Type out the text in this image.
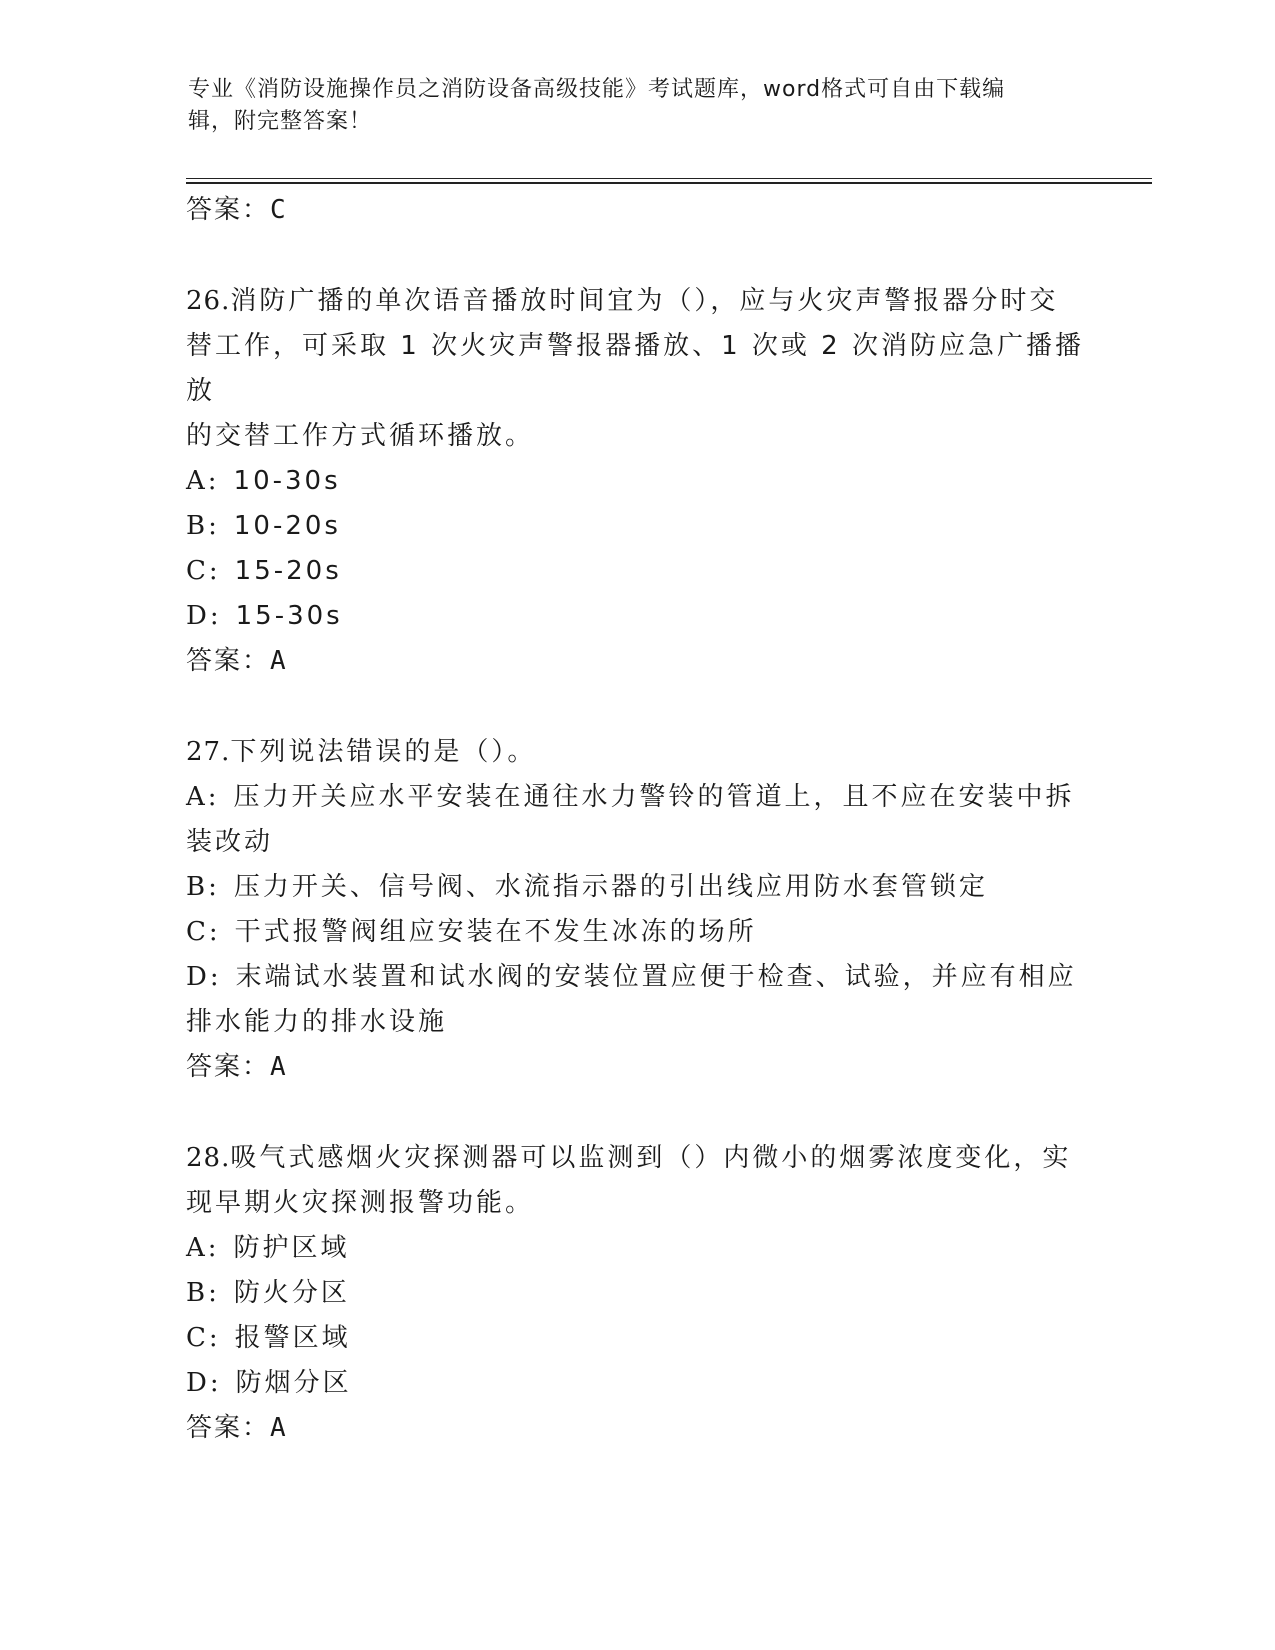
专业《消防设施操作员之消防设备高级技能》考试题库，word格式可自由下载编
辑，附完整答案！
答案：C
26.消防广播的单次语音播放时间宜为（），应与火灾声警报器分时交
替工作，可采取 1 次火灾声警报器播放、1 次或 2 次消防应急广播播放
的交替工作方式循环播放。
A: 10-30s
B: 10-20s
C: 15-20s
D: 15-30s
答案：A
27.下列说法错误的是（）。
A: 压力开关应水平安装在通往水力警铃的管道上，且不应在安装中拆
装改动
B: 压力开关、信号阀、水流指示器的引出线应用防水套管锁定
C: 干式报警阀组应安装在不发生冰冻的场所
D: 末端试水装置和试水阀的安装位置应便于检查、试验，并应有相应
排水能力的排水设施
答案：A
28.吸气式感烟火灾探测器可以监测到（）内微小的烟雾浓度变化，实
现早期火灾探测报警功能。
A: 防护区域
B: 防火分区
C: 报警区域
D: 防烟分区
答案：A
